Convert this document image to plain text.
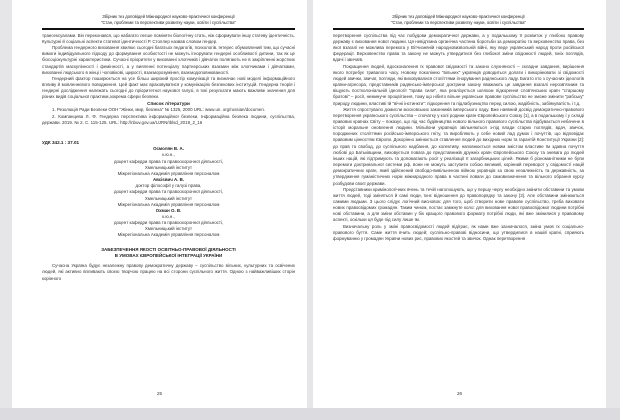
Збірник тез доповідей Міжнародної науково-практичної конференції
"Стан, проблеми та перспективи розвитку науки, освіти і суспільства"

трансексуалами. Він переконався, що набагато легше поміняти біологічну стать, ніж сформувати іншу статеву ідентичність. Культурні й соціальні аспекти статевої ідентичності Р. Столлер назвав словом гендер.

Проблема гендерного виховання хвилює сьогодні багатьох педагогів, психологів. Інтерес обумовлений тим, що сучасні вимоги індивідуального підходу до формування особистості не можуть ігнорувати гендерні особливості дитини, так як це біосоціокультурні характеристики. Сучасні пріоритети у вихованні хлопчиків і дівчаток полягають не в закріпленні жорстких стандартів маскулінності і фемінності, а у вияленні потенціалу партнерських взаємин між хлопчиками і дівчатками, вихованні людського в жінці і чоловікові, щирості, взаєморозуміння, взаємодоповнюваності.

Гендерний фактор поширюється на усе більш широкий простір комунікації та визначає нові моделі інформаційного впливу й мовленнєвого поводження. Цей факт має враховуватися у комунікаціях безпекових інституцій. Гендерна теорія і гендерні дослідження належать сьогодні до пріоритетної наукової галузі, в їхні результати мають важливе значення для різних видів соціальної практики,зокрема сфери безпеки.

Список літератури

1. Резолюція Ради Безпеки ООН "Жінки, мир, безпека" № 1325, 2000 URL: www.un. org/russian/documen.

2. Компанцева Л. Ф. Гендерна перспектива інформаційної безпеки. Інформаційна безпека людини, суспільства, держави. 2019. № 2. С. 115-125. URL: http://nbuv.gov.ua/UJRN/Iblsd_2019_2_16

УДК 342.1 : 37.01
Осмолян В. А.
к.ю.н.,
доцент кафедри права та правоохоронної діяльності,
Хмельницький інститут
Міжрегіональна Академія управління персоналом
Авсієвич А. В.
доктор філософії у галузі права,
доцент кафедри права та правоохоронної діяльності,
Хмельницький інститут
Міжрегіональна Академія управління персоналом
Охман О. В.
к.ю.н.,
доцент кафедри права та правоохоронної діяльності,
Хмельницький інститут
Міжрегіональна Академія управління персоналом
ЗАБЕЗПЕЧЕННЯ ЯКОСТІ ОСВІТНЬО-ПРАВОВОЇ ДІЯЛЬНОСТІ
В УМОВАХ ЄВРОПЕЙСЬКОЇ ІНТЕГРАЦІЇ УКРАЇНИ

Сучасна Україна будує незалежну правову демократичну державу – суспільство вільних, культурних та освічених людей, які активно впливають своєю творчою працею на всі сторони суспільного життя. Одною з найважливіших сторін корінного

25
Збірник тез доповідей Міжнародної науково-практичної конференції
"Стан, проблеми та перспективи розвитку науки, освіти і суспільства"

перетворення суспільства під час побудови демократичної держави, а у подальшому її розвиток у глибоко правову державу є виховання нової людини. Ця невід'ємна органічна частина боротьби за демократію та верховенство права, без якої взагалі не можлива перемога у Вітчизняній народновизвольній війні, яку веде український народ проти російської федерації. Верховенство права та закону не можуть утвердитися без глибокої зміни свідомості людей, їхніх поглядів, вдачі і звичаїв.

Покращення людей, вдосконалення їх правової свідомості та законо слухняності – складне завдання, вирішення якого потребує тривалого часу. Новому поколінню "вільних" українців доводиться долати і викорінювати зі свідомості людей звички, звичаї, погляди, які виховувалися століттями ігнорування радянського ладу. Багато хто з сучасних ідеологів країни-агресора, представників радянсько-імперської доктрини закону вважають це завдання взагалі нерозв'язним та віщують постколоніальній ідеології "права сили", яка реалізується шляхом підкорення слов'янських країн "старшому братові" – росії, неминуче процвітання, тому що нібито вільне українське правове суспільство не зможе змінити "рабську" природу людини, властиві їй "вічні інстинкти": підкорення та підлабузництво перед силою, жадібність, забіякуватість і т.д.

Життя спростувало домисли московських законників імперського ладу. Вже наявний досвід демократично-правового перетворення українського суспільства – спочатку у колі родини країн Європейського Союзу [1], а в подальшому і у складі правових країнах Світу – показує, що під час будівництва нового вільного правового суспільства відбувається небачене в історії моральне оновлення людини. Мільйони українців звільняються з-під влади старих поглядів, вдач, звичок, породжених століттями російсько-імперського гніту, та виробляють у себе новий лад думок і почуттів, що відповідає правовим цінностям Європи. Докорінно змінюється ставлення людей до вихідних норм та гарантій Конституції України [2]: до прав та свобод, до суспільного надбання, до колективу, наповнюється новим змістом властиве їм здавна почуття любові до Батьківщини, виховується повага до представників дружніх країн Європейського Союзу та зневага до людей інших націй, які підтримують та допомагають росії у реалізації її загарбницьких цілей. Якими б різноманітними не були перемоги доктринальної системи рф, вони не можуть заступити собою великий, корінний переворот у свідомості націй демократичних країн, який здійснений свободо-вивільненою війною українців за свою незалежність та державність, за утвердження гуманістичних норм міжнародного права в частині поваги до самовизначення та вільного обрання курсу розбудови своєї держави.

Представники кримінологічних вчень та течій наголошують, що у першу чергу необхідно змінити обставини та умови життя людей, тоді зміняться й самі люди, їхнє відношення до правопорядку та закону [3]. Але обставини змінюються самими людьми. З цього слідує логічний висновок: для того, щоб створити нове правове суспільство, треба виховати нових правосвідомих громадян. Таким чином, постає замкнуте коло: для виховання нової правосвідомої людини потрібні нові обставини, а для зміни обставин у бік кращого правового формату потрібні люди, які вже змінилися у правовому аспекті, оскільки ця буде під силу лише їм.

Визначальну роль у зміні правосвідомості людей відіграє, як нами вже зазначалося, зміна умов їх соціально-правового буття. Саме життя вчить людей; суспільно-правові відносини, що утвердилися в нашій країні, сприяють формуванню у громадян України нових рис, правових якостей та звичок. Однак перетворення

26
